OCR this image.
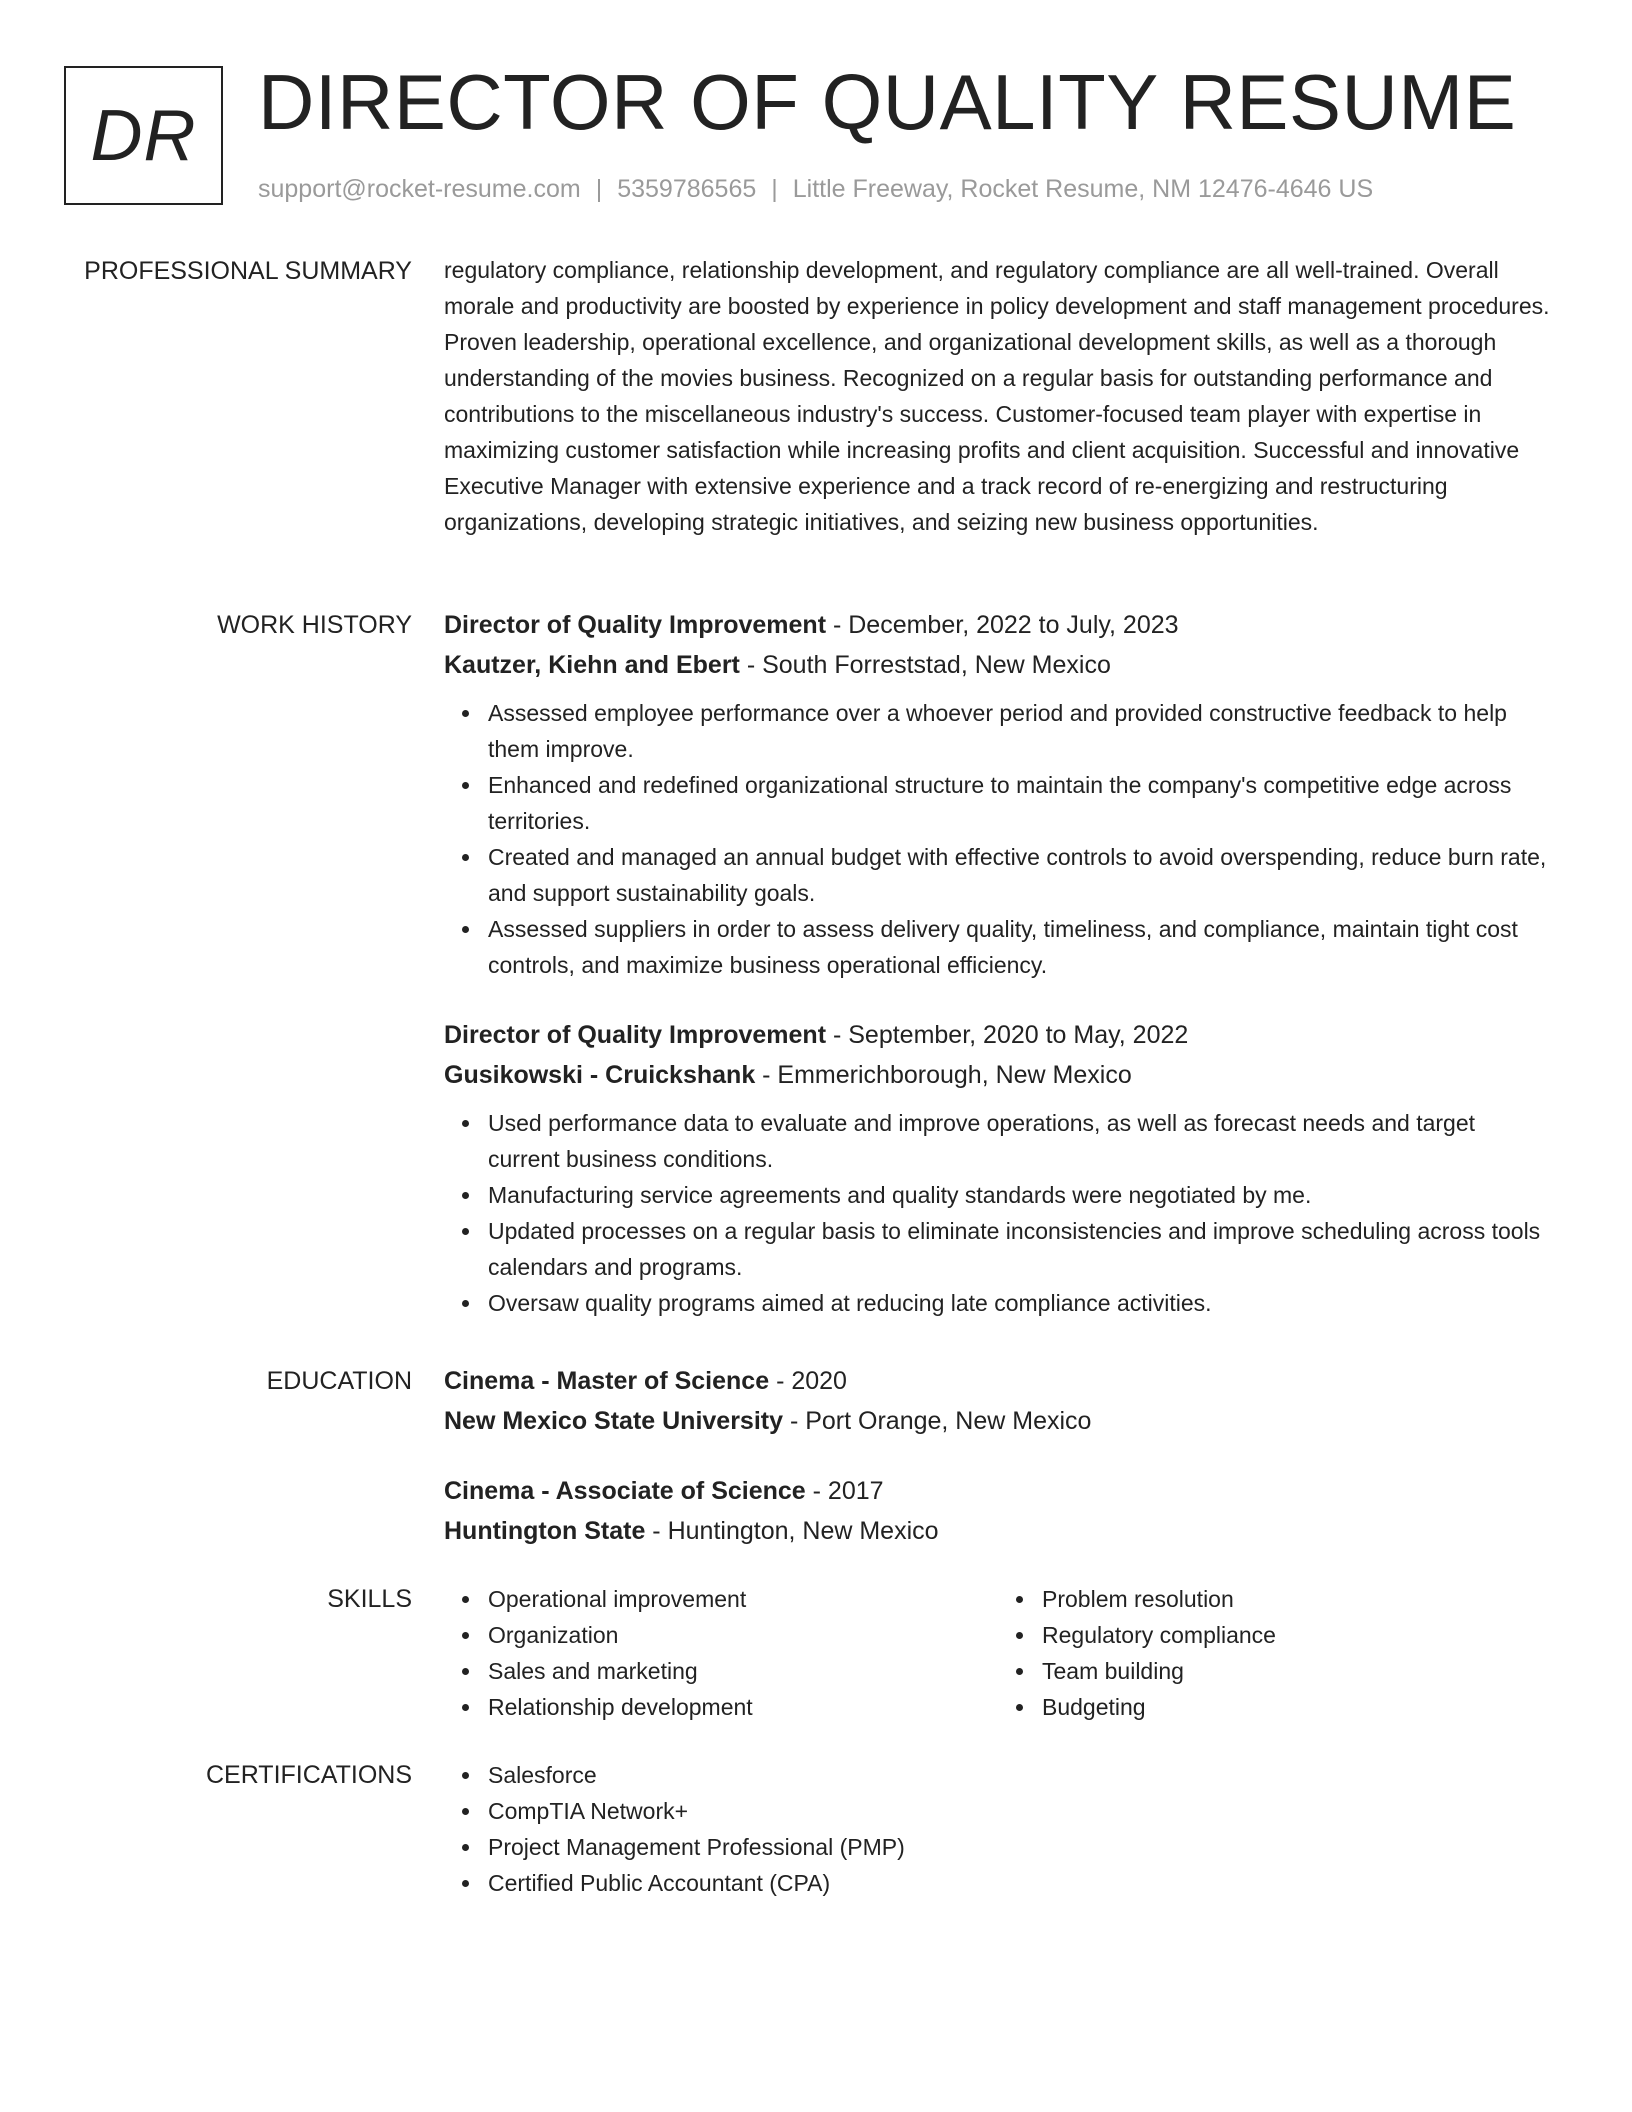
DR DIRECTOR OF QUALITY RESUME
support@rocket-resume.com | 5359786565 | Little Freeway, Rocket Resume, NM 12476-4646 US
PROFESSIONAL SUMMARY regulatory compliance, relationship development, and regulatory compliance are all well-trained. Overall morale and productivity are boosted by experience in policy development and staff management procedures. Proven leadership, operational excellence, and organizational development skills, as well as a thorough understanding of the movies business. Recognized on a regular basis for outstanding performance and contributions to the miscellaneous industry's success. Customer-focused team player with expertise in maximizing customer satisfaction while increasing profits and client acquisition. Successful and innovative Executive Manager with extensive experience and a track record of re-energizing and restructuring organizations, developing strategic initiatives, and seizing new business opportunities.

WORK HISTORY Director of Quality Improvement - December, 2022 to July, 2023
Kautzer, Kiehn and Ebert - South Forreststad, New Mexico
Assessed employee performance over a whoever period and provided constructive feedback to help them improve.
Enhanced and redefined organizational structure to maintain the company's competitive edge across territories.
Created and managed an annual budget with effective controls to avoid overspending, reduce burn rate, and support sustainability goals.
Assessed suppliers in order to assess delivery quality, timeliness, and compliance, maintain tight cost controls, and maximize business operational efficiency.
Director of Quality Improvement - September, 2020 to May, 2022
Gusikowski - Cruickshank - Emmerichborough, New Mexico
Used performance data to evaluate and improve operations, as well as forecast needs and target current business conditions.
Manufacturing service agreements and quality standards were negotiated by me.
Updated processes on a regular basis to eliminate inconsistencies and improve scheduling across tools calendars and programs.
Oversaw quality programs aimed at reducing late compliance activities.
EDUCATION Cinema - Master of Science - 2020
New Mexico State University - Port Orange, New Mexico
Cinema - Associate of Science - 2017
Huntington State - Huntington, New Mexico
SKILLS	Operational improvement
Organization
Sales and marketing
Relationship development
Problem resolution
Regulatory compliance
Team building
Budgeting
CERTIFICATIONS	Salesforce
CompTIA Network+
Project Management Professional (PMP)
Certified Public Accountant (CPA)
